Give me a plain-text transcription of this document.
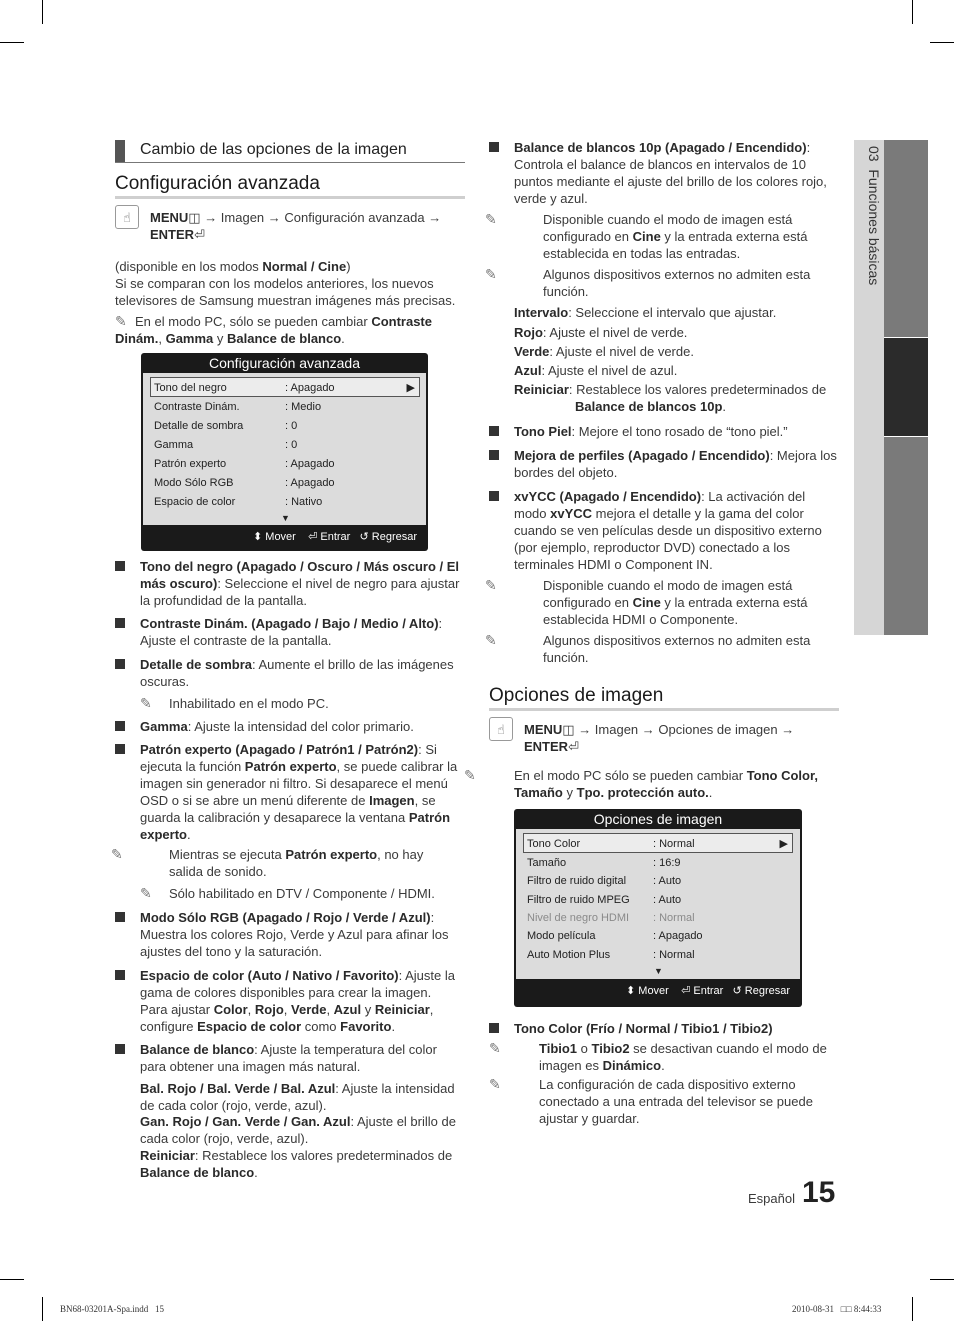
Cambio de las opciones de la imagen	03  Funciones básicas
Configuración avanzada
☝	MENU◫ → Imagen → Configuración avanzada →
ENTER⏎
(disponible en los modos Normal / Cine)
Si se comparan con los modelos anteriores, los nuevos televisores de Samsung muestran imágenes más precisas.
✎ En el modo PC, sólo se pueden cambiar Contraste Dinám., Gamma y Balance de blanco.
Configuración avanzada
Tono del negro	: Apagado	▶
Contraste Dinám.	: Medio
Detalle de sombra	: 0
Gamma	: 0
Patrón experto	: Apagado
Modo Sólo RGB	: Apagado
Espacio de color	: Nativo
▼
⬍ Mover ⏎ Entrar ↺ Regresar
Tono del negro (Apagado / Oscuro / Más oscuro / El más oscuro): Seleccione el nivel de negro para ajustar la profundidad de la pantalla.
Contraste Dinám. (Apagado / Bajo / Medio / Alto): Ajuste el contraste de la pantalla.
Detalle de sombra: Aumente el brillo de las imágenes oscuras.
✎ Inhabilitado en el modo PC.
Gamma: Ajuste la intensidad del color primario.
Patrón experto (Apagado / Patrón1 / Patrón2): Si ejecuta la función Patrón experto, se puede calibrar la imagen sin generador ni filtro. Si desaparece el menú OSD o si se abre un menú diferente de Imagen, se guarda la calibración y desaparece la ventana Patrón experto.
✎	Mientras se ejecuta Patrón experto, no hay salida de sonido.
✎ Sólo habilitado en DTV / Componente / HDMI.
Modo Sólo RGB (Apagado / Rojo / Verde / Azul): Muestra los colores Rojo, Verde y Azul para afinar los ajustes del tono y la saturación.
Espacio de color (Auto / Nativo / Favorito): Ajuste la gama de colores disponibles para crear la imagen. Para ajustar Color, Rojo, Verde, Azul y Reiniciar, configure Espacio de color como Favorito.
Balance de blanco: Ajuste la temperatura del color para obtener una imagen más natural.
Bal. Rojo / Bal. Verde / Bal. Azul: Ajuste la intensidad de cada color (rojo, verde, azul).
Gan. Rojo / Gan. Verde / Gan. Azul: Ajuste el brillo de cada color (rojo, verde, azul).
Reiniciar: Restablece los valores predeterminados de Balance de blanco.
Balance de blancos 10p (Apagado / Encendido): Controla el balance de blancos en intervalos de 10 puntos mediante el ajuste del brillo de los colores rojo, verde y azul.
✎	Disponible cuando el modo de imagen está configurado en Cine y la entrada externa está establecida en todas las entradas.
✎	Algunos dispositivos externos no admiten esta función.
Intervalo: Seleccione el intervalo que ajustar.
Rojo: Ajuste el nivel de verde.
Verde: Ajuste el nivel de verde.
Azul: Ajuste el nivel de azul.
Reiniciar: Restablece los valores predeterminados de
Balance de blancos 10p.
Tono Piel: Mejore el tono rosado de “tono piel.”
Mejora de perfiles (Apagado / Encendido): Mejora los bordes del objeto.
xvYCC (Apagado / Encendido): La activación del modo xvYCC mejora el detalle y la gama del color cuando se ven películas desde un dispositivo externo (por ejemplo, reproductor DVD) conectado a los terminales HDMI o Component IN.
✎	Disponible cuando el modo de imagen está configurado en Cine y la entrada externa está establecida HDMI o Componente.
✎	Algunos dispositivos externos no admiten esta función.
Opciones de imagen
☝	MENU◫ → Imagen → Opciones de imagen →
ENTER⏎
✎	En el modo PC sólo se pueden cambiar Tono Color,
Tamaño y Tpo. protección auto..
Opciones de imagen
Tono Color	: Normal	▶
Tamaño	: 16:9
Filtro de ruido digital : Auto
Filtro de ruido MPEG : Auto
Nivel de negro HDMI : Normal
Modo película	: Apagado
Auto Motion Plus	: Normal
▼
⬍ Mover ⏎ Entrar ↺ Regresar
Tono Color (Frío / Normal / Tibio1 / Tibio2)
✎	Tibio1 o Tibio2 se desactivan cuando el modo de imagen es Dinámico.
✎	La configuración de cada dispositivo externo conectado a una entrada del televisor se puede ajustar y guardar.
Español 15
BN68-03201A-Spa.indd   15	2010-08-31   □□ 8:44:33
